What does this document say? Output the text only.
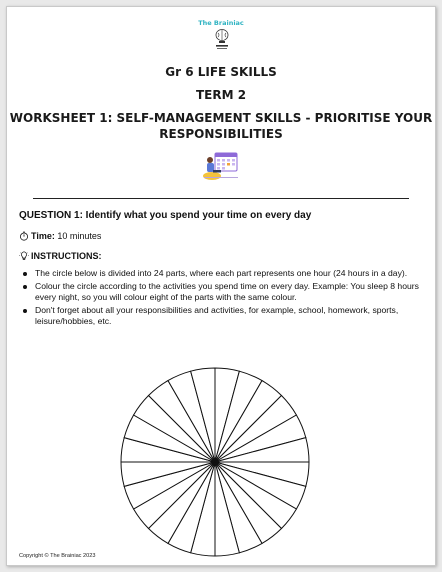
The Brainiac
Gr 6 LIFE SKILLS
TERM 2
WORKSHEET 1: SELF-MANAGEMENT SKILLS - PRIORITISE YOUR
RESPONSIBILITIES
QUESTION 1: Identify what you spend your time on every day
Time: 10 minutes
INSTRUCTIONS:
The circle below is divided into 24 parts, where each part represents one hour (24 hours in a day).
Colour the circle according to the activities you spend time on every day. Example: You sleep 8 hours every night, so you will colour eight of the parts with the same colour.
Don't forget about all your responsibilities and activities, for example, school, homework, sports, leisure/hobbies, etc.
Copyright © The Brainiac 2023
